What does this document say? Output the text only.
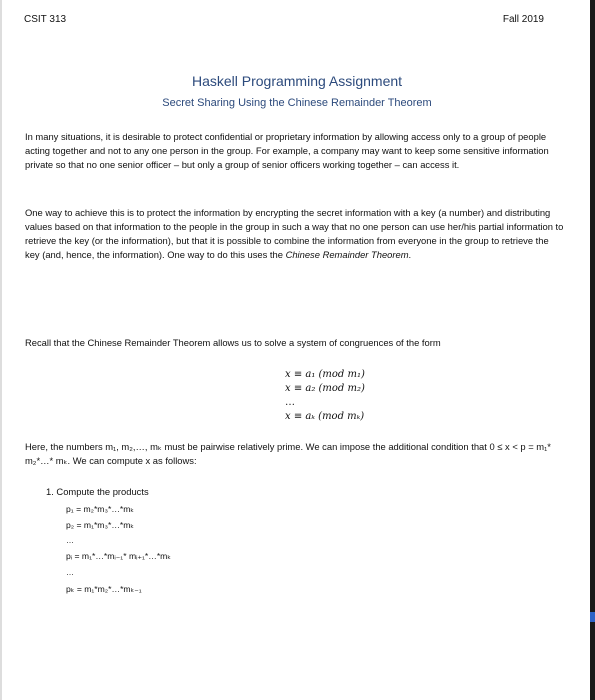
CSIT 313	Fall 2019
Haskell Programming Assignment
Secret Sharing Using the Chinese Remainder Theorem

In many situations, it is desirable to protect confidential or proprietary information by allowing access only to a group of people acting together and not to any one person in the group. For example, a company may want to keep some sensitive information private so that no one senior officer – but only a group of senior officers working together – can access it.

One way to achieve this is to protect the information by encrypting the secret information with a key (a number) and distributing values based on that information to the people in the group in such a way that no one person can use her/his partial information to retrieve the key (or the information), but that it is possible to combine the information from everyone in the group to retrieve the key (and, hence, the information). One way to do this uses the Chinese Remainder Theorem.

Recall that the Chinese Remainder Theorem allows us to solve a system of congruences of the form

x ≡ a₁ (mod m₁)
x ≡ a₂ (mod m₂)
…
x ≡ aₖ (mod mₖ)

Here, the numbers m₁, m₂,…, mₖ must be pairwise relatively prime. We can impose the additional condition that 0 ≤ x < p = m₁* m₂*…* mₖ. We can compute x as follows:

1. Compute the products
p₁ = m₂*m₃*…*mₖ
p₂ = m₁*m₃*…*mₖ
…
pᵢ = m₁*…*mᵢ₋₁* mᵢ₊₁*…*mₖ
…
pₖ = m₁*m₂*…*mₖ₋₁
